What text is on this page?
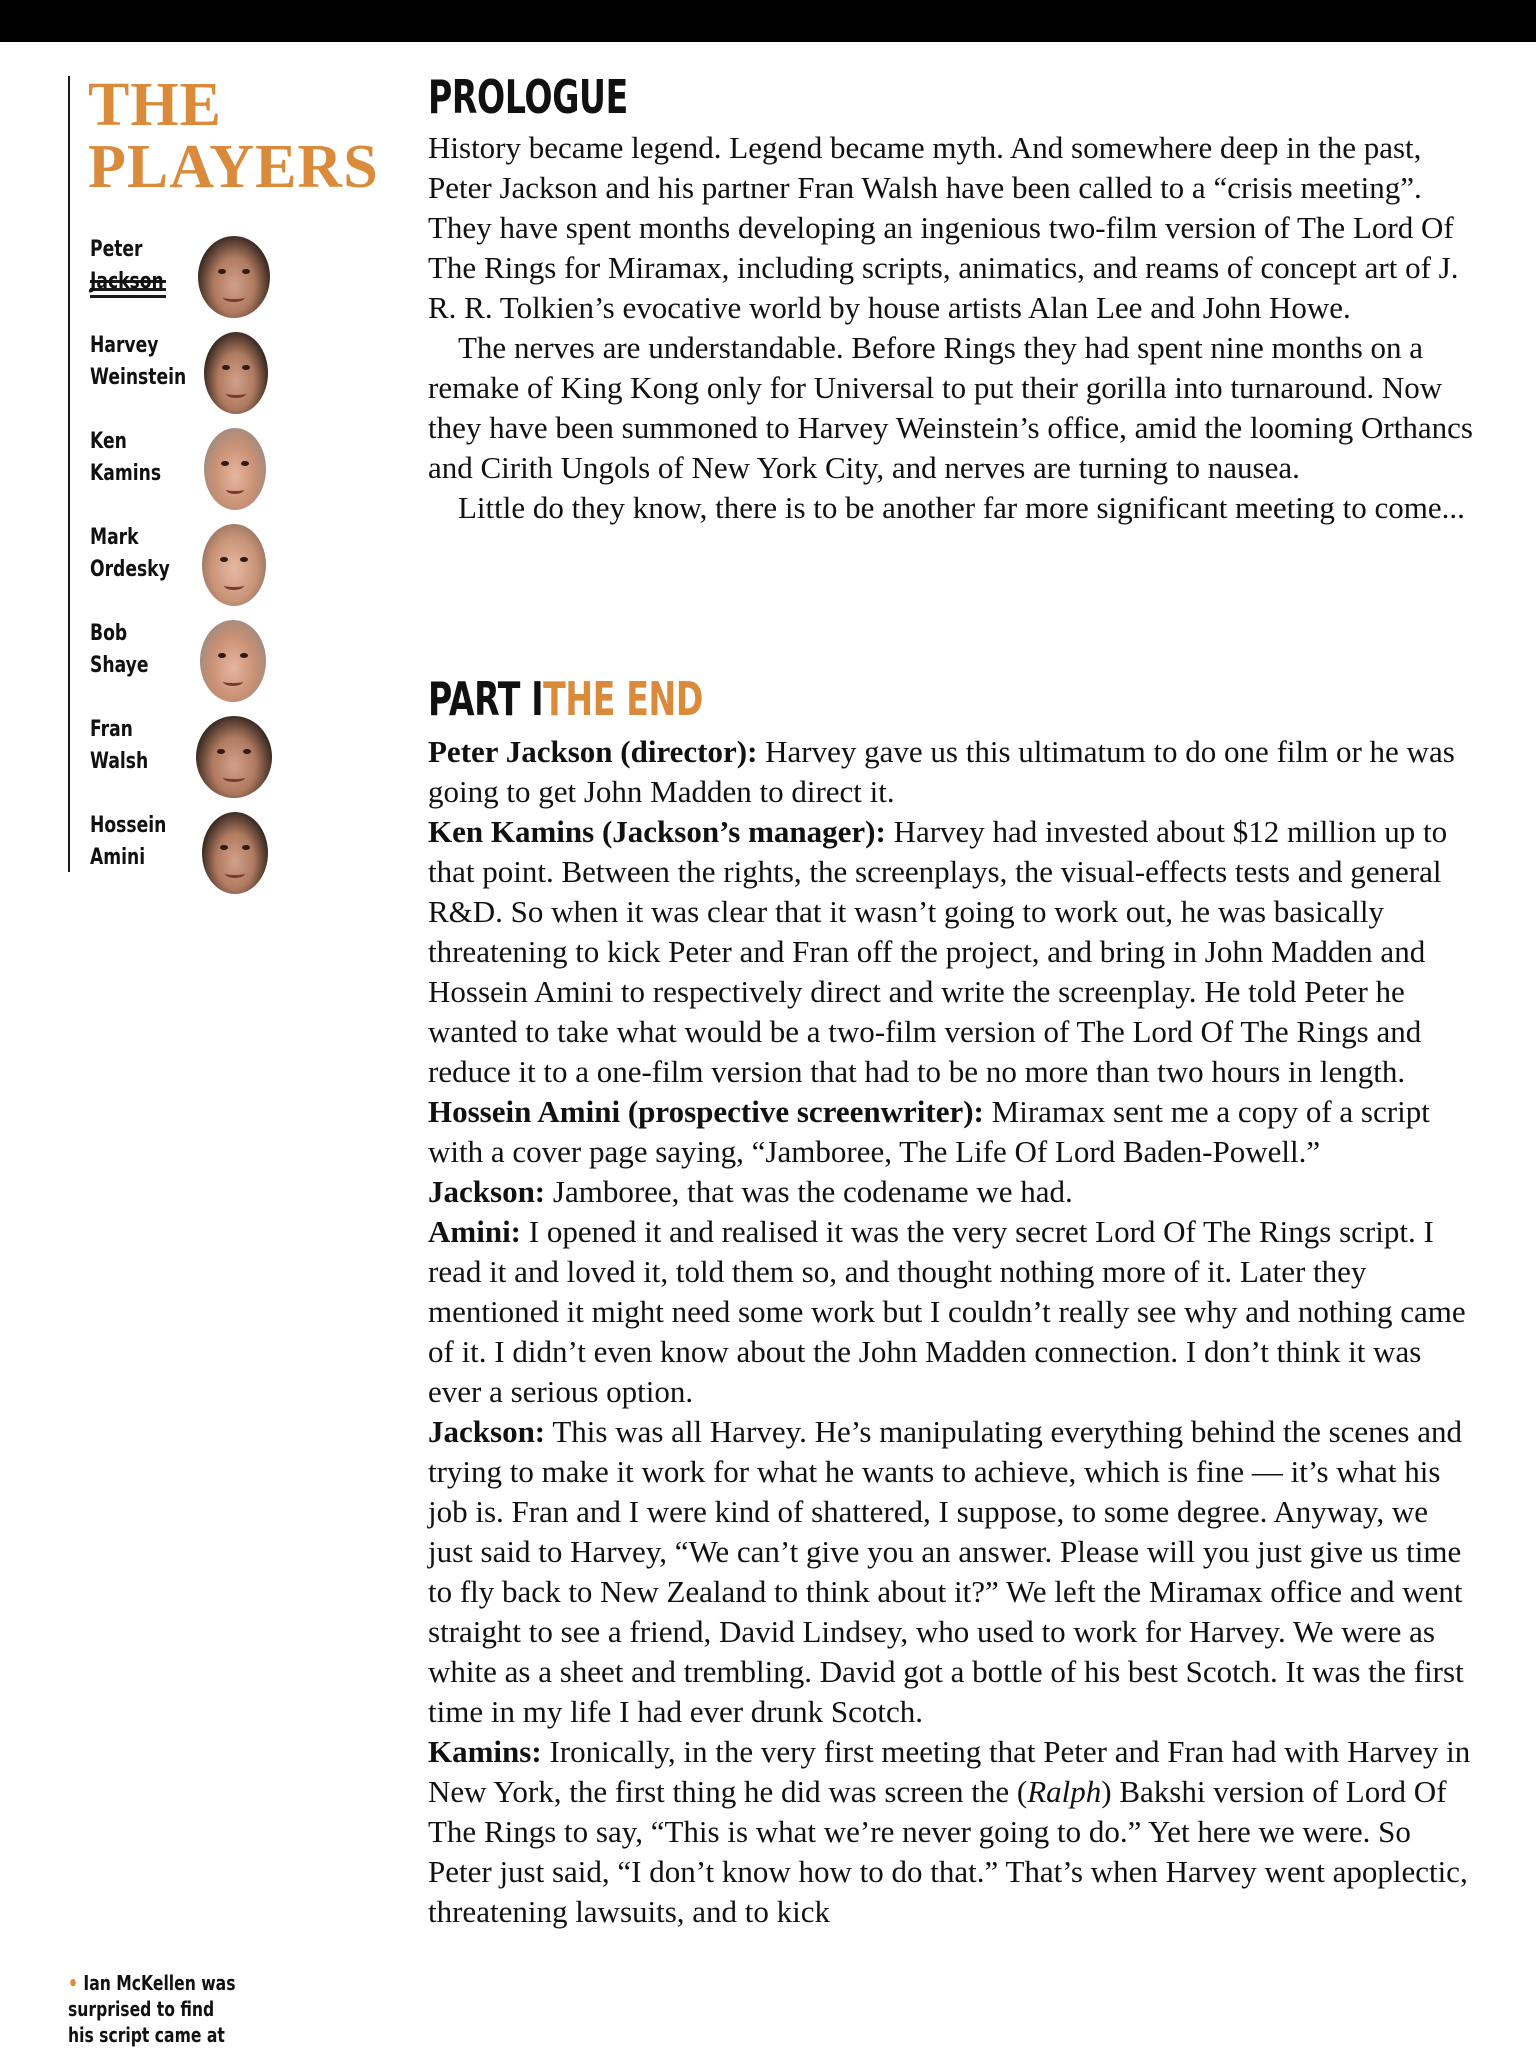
THE
PLAYERS
Peter
Jackson
Harvey
Weinstein
Ken
Kamins
Mark
Ordesky
Bob
Shaye
Fran
Walsh
Hossein
Amini
• Ian McKellen was surprised to find his script came at
PROLOGUE

History became legend. Legend became myth. And somewhere deep in the past, Peter Jackson and his partner Fran Walsh have been called to a “crisis meeting”. They have spent months developing an ingenious two-film version of The Lord Of The Rings for Miramax, including scripts, animatics, and reams of concept art of J. R. R. Tolkien’s evocative world by house artists Alan Lee and John Howe.

The nerves are understandable. Before Rings they had spent nine months on a remake of King Kong only for Universal to put their gorilla into turnaround. Now they have been summoned to Harvey Weinstein’s office, amid the looming Orthancs and Cirith Ungols of New York City, and nerves are turning to nausea.

Little do they know, there is to be another far more significant meeting to come...

PART ITHE END

Peter Jackson (director): Harvey gave us this ultimatum to do one film or he was going to get John Madden to direct it.

Ken Kamins (Jackson’s manager): Harvey had invested about $12 million up to that point. Between the rights, the screenplays, the visual-effects tests and general R&D. So when it was clear that it wasn’t going to work out, he was basically threatening to kick Peter and Fran off the project, and bring in John Madden and Hossein Amini to respectively direct and write the screenplay. He told Peter he wanted to take what would be a two-film version of The Lord Of The Rings and reduce it to a one-film version that had to be no more than two hours in length.

Hossein Amini (prospective screenwriter): Miramax sent me a copy of a script with a cover page saying, “Jamboree, The Life Of Lord Baden-Powell.”

Jackson: Jamboree, that was the codename we had.

Amini: I opened it and realised it was the very secret Lord Of The Rings script. I read it and loved it, told them so, and thought nothing more of it. Later they mentioned it might need some work but I couldn’t really see why and nothing came of it. I didn’t even know about the John Madden connection. I don’t think it was ever a serious option.

Jackson: This was all Harvey. He’s manipulating everything behind the scenes and trying to make it work for what he wants to achieve, which is fine — it’s what his job is. Fran and I were kind of shattered, I suppose, to some degree. Anyway, we just said to Harvey, “We can’t give you an answer. Please will you just give us time to fly back to New Zealand to think about it?” We left the Miramax office and went straight to see a friend, David Lindsey, who used to work for Harvey. We were as white as a sheet and trembling. David got a bottle of his best Scotch. It was the first time in my life I had ever drunk Scotch.

Kamins: Ironically, in the very first meeting that Peter and Fran had with Harvey in New York, the first thing he did was screen the (Ralph) Bakshi version of Lord Of The Rings to say, “This is what we’re never going to do.” Yet here we were. So Peter just said, “I don’t know how to do that.” That’s when Harvey went apoplectic, threatening lawsuits, and to kick
